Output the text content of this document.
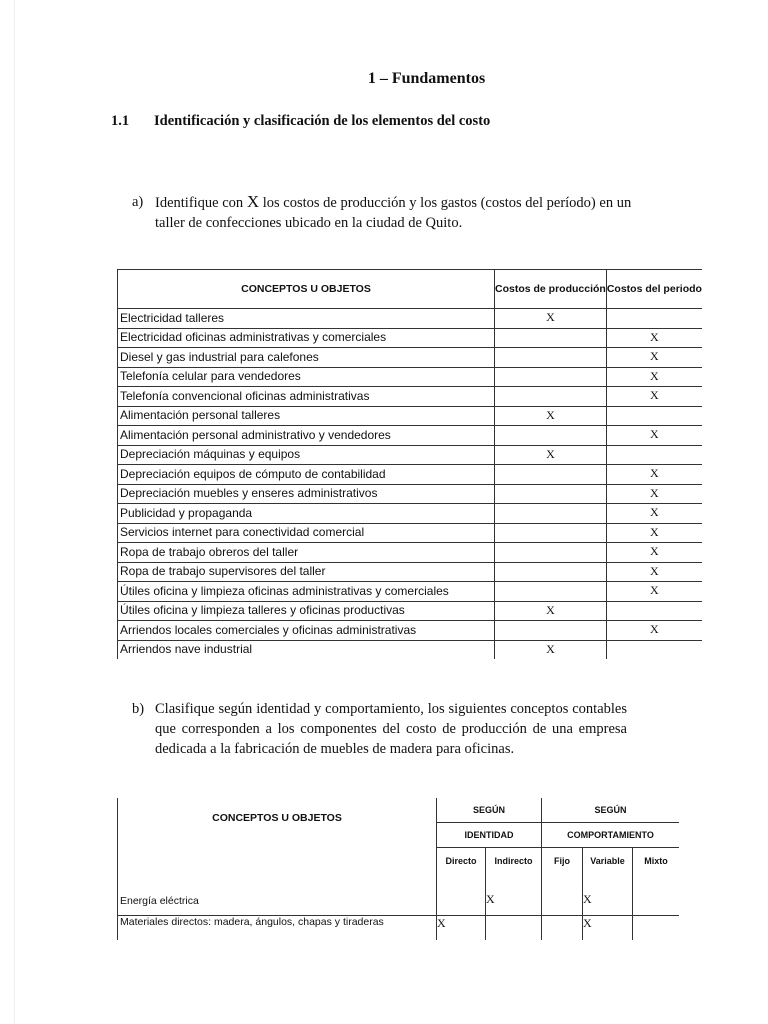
1 – Fundamentos
1.1 Identificación y clasificación de los elementos del costo
a) Identifique con X los costos de producción y los gastos (costos del período) en un taller de confecciones ubicado en la ciudad de Quito.
CONCEPTOS U OBJETOS	Costos de producción	Costos del periodo
Electricidad talleres	X	
Electricidad oficinas administrativas y comerciales		X
Diesel y gas industrial para calefones		X
Telefonía celular para vendedores		X
Telefonía convencional oficinas administrativas		X
Alimentación personal talleres	X	
Alimentación personal administrativo y vendedores		X
Depreciación máquinas y equipos	X	
Depreciación equipos de cómputo de contabilidad		X
Depreciación muebles y enseres administrativos		X
Publicidad y propaganda		X
Servicios internet para conectividad comercial		X
Ropa de trabajo obreros del taller		X
Ropa de trabajo supervisores del taller		X
Útiles oficina y limpieza oficinas administrativas y comerciales		X
Útiles oficina y limpieza talleres y oficinas productivas	X	
Arriendos locales comerciales y oficinas administrativas		X
Arriendos nave industrial	X	
b) Clasifique según identidad y comportamiento, los siguientes conceptos contables que corresponden a los componentes del costo de producción de una empresa dedicada a la fabricación de muebles de madera para oficinas.
CONCEPTOS U OBJETOS	SEGÚN		SEGÚN		
	IDENTIDAD		COMPORTAMIENTO		
	Directo	Indirecto	Fijo	Variable	Mixto
Energía eléctrica		X		X	
Materiales directos: madera, ángulos, chapas y tiraderas	X			X	
